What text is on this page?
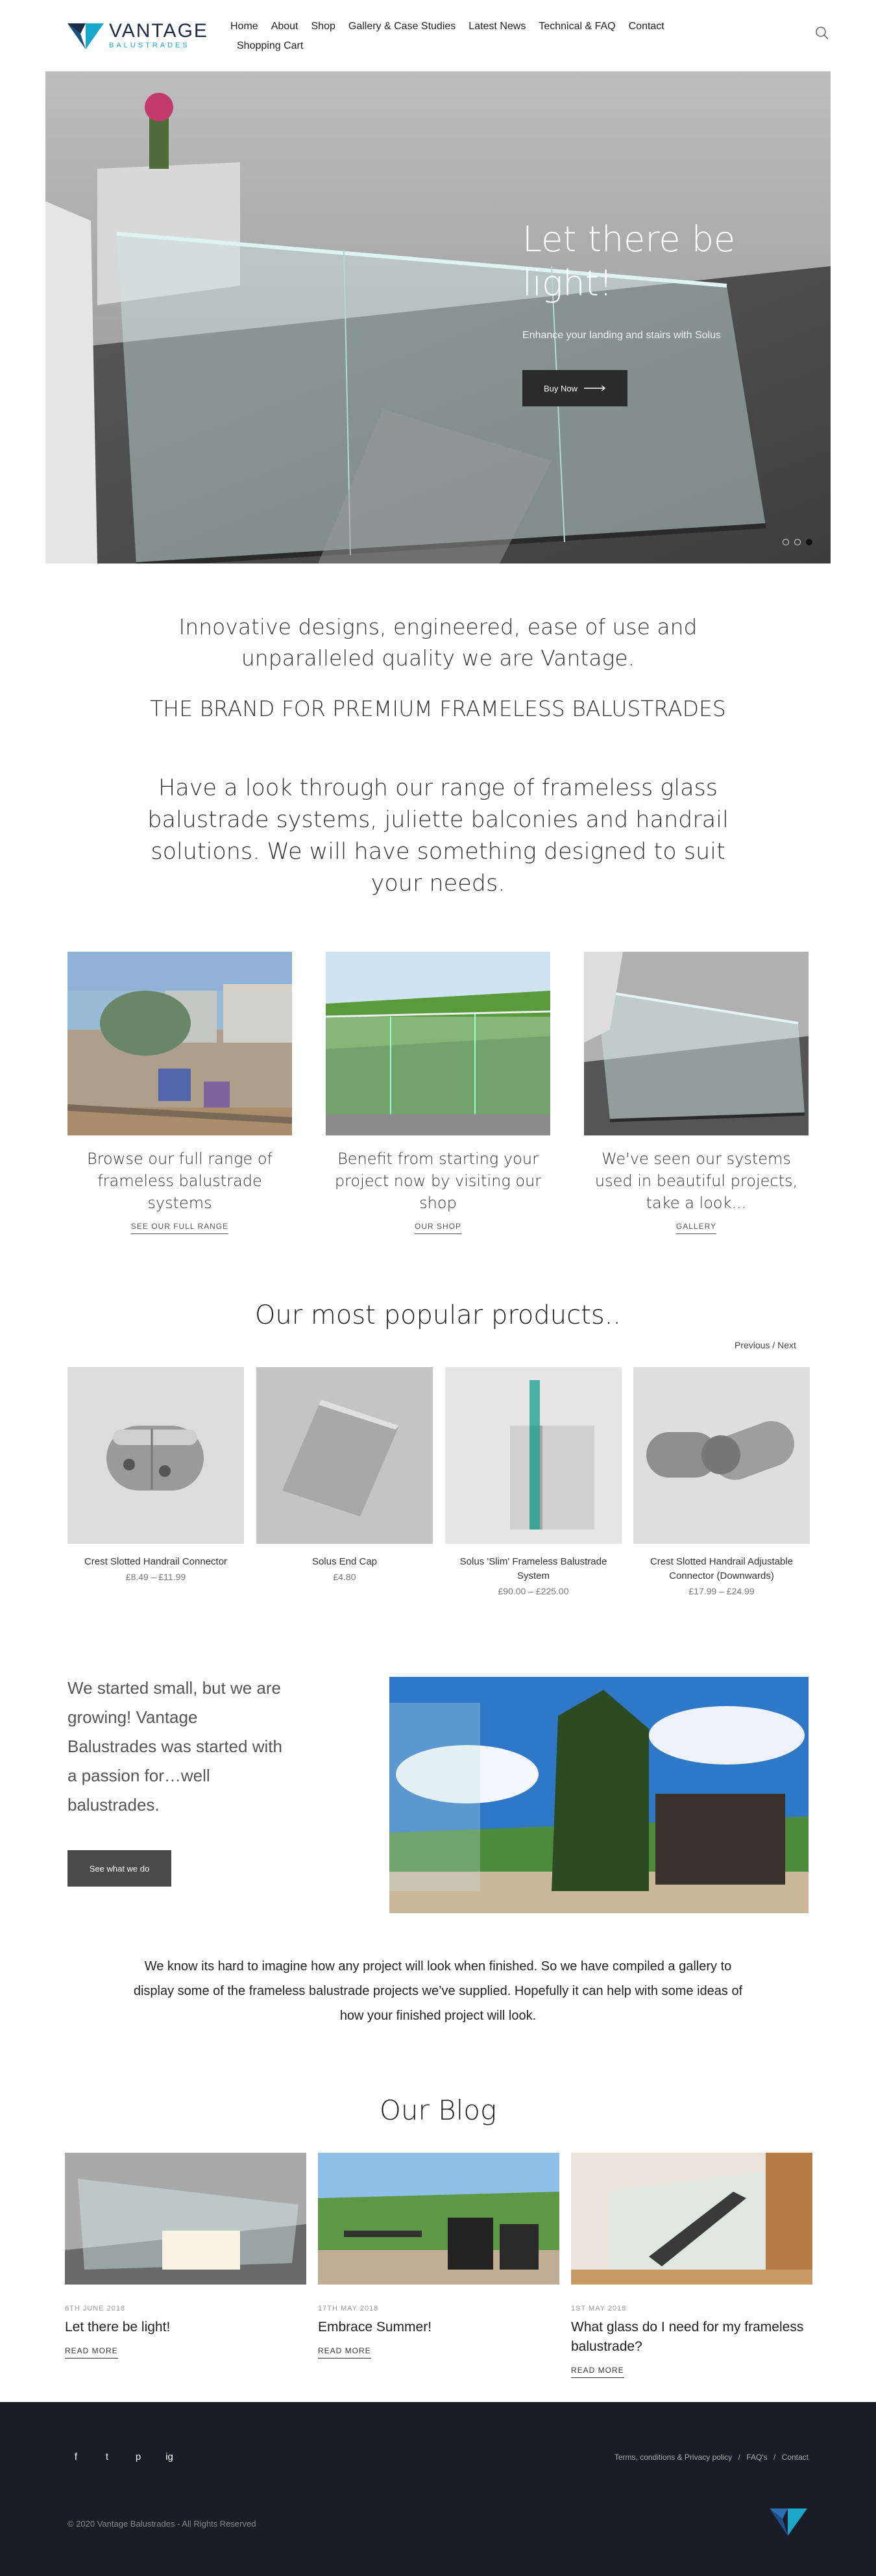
VANTAGE
BALUSTRADES
Home About Shop Gallery & Case Studies Latest News Technical & FAQ Contact
Shopping Cart
Let there be light!
Enhance your landing and stairs with Solus
Buy Now
Innovative designs, engineered, ease of use and unparalleled quality we are Vantage.
THE BRAND FOR PREMIUM FRAMELESS BALUSTRADES
Have a look through our range of frameless glass balustrade systems, juliette balconies and handrail solutions. We will have something designed to suit your needs.
Browse our full range of frameless balustrade systems
SEE OUR FULL RANGE
Benefit from starting your project now by visiting our shop
OUR SHOP
We've seen our systems used in beautiful projects, take a look...
GALLERY
Our most popular products..
Previous / Next
Crest Slotted Handrail Connector
£8.49 – £11.99
Solus End Cap
£4.80
Solus 'Slim' Frameless Balustrade System
£90.00 – £225.00
Crest Slotted Handrail Adjustable Connector (Downwards)
£17.99 – £24.99
We started small, but we are growing! Vantage Balustrades was started with a passion for…well balustrades.
See what we do
We know its hard to imagine how any project will look when finished. So we have compiled a gallery to display some of the frameless balustrade projects we’ve supplied. Hopefully it can help with some ideas of how your finished project will look.
Our Blog
6TH JUNE 2018
Let there be light!
READ MORE
17TH MAY 2018
Embrace Summer!
READ MORE
1ST MAY 2018
What glass do I need for my frameless balustrade?
READ MORE
f	t	p	ig	Terms, conditions & Privacy policy / FAQ's / Contact
© 2020 Vantage Balustrades - All Rights Reserved
